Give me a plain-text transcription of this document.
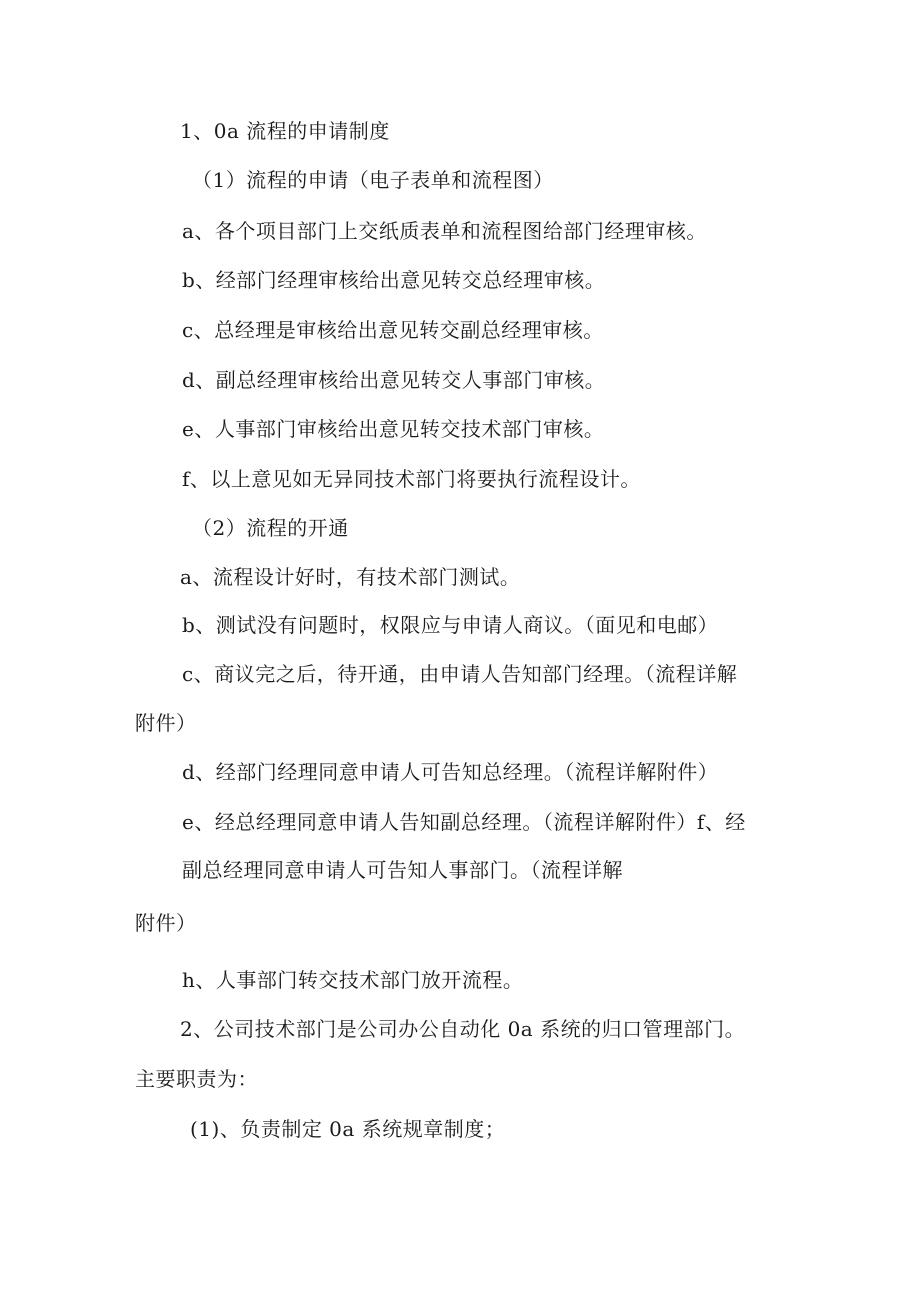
1、0a 流程的申请制度
（1）流程的申请（电子表单和流程图）
a、各个项目部门上交纸质表单和流程图给部门经理审核。
b、经部门经理审核给出意见转交总经理审核。
c、总经理是审核给出意见转交副总经理审核。
d、副总经理审核给出意见转交人事部门审核。
e、人事部门审核给出意见转交技术部门审核。
f、以上意见如无异同技术部门将要执行流程设计。
（2）流程的开通
a、流程设计好时，有技术部门测试。
b、测试没有问题时，权限应与申请人商议。（面见和电邮）
c、商议完之后，待开通，由申请人告知部门经理。（流程详解
附件）
d、经部门经理同意申请人可告知总经理。（流程详解附件）
e、经总经理同意申请人告知副总经理。（流程详解附件）f、经
副总经理同意申请人可告知人事部门。（流程详解
附件）
h、人事部门转交技术部门放开流程。
2、公司技术部门是公司办公自动化 0a 系统的归口管理部门。
主要职责为：
(1)、负责制定 0a 系统规章制度；
